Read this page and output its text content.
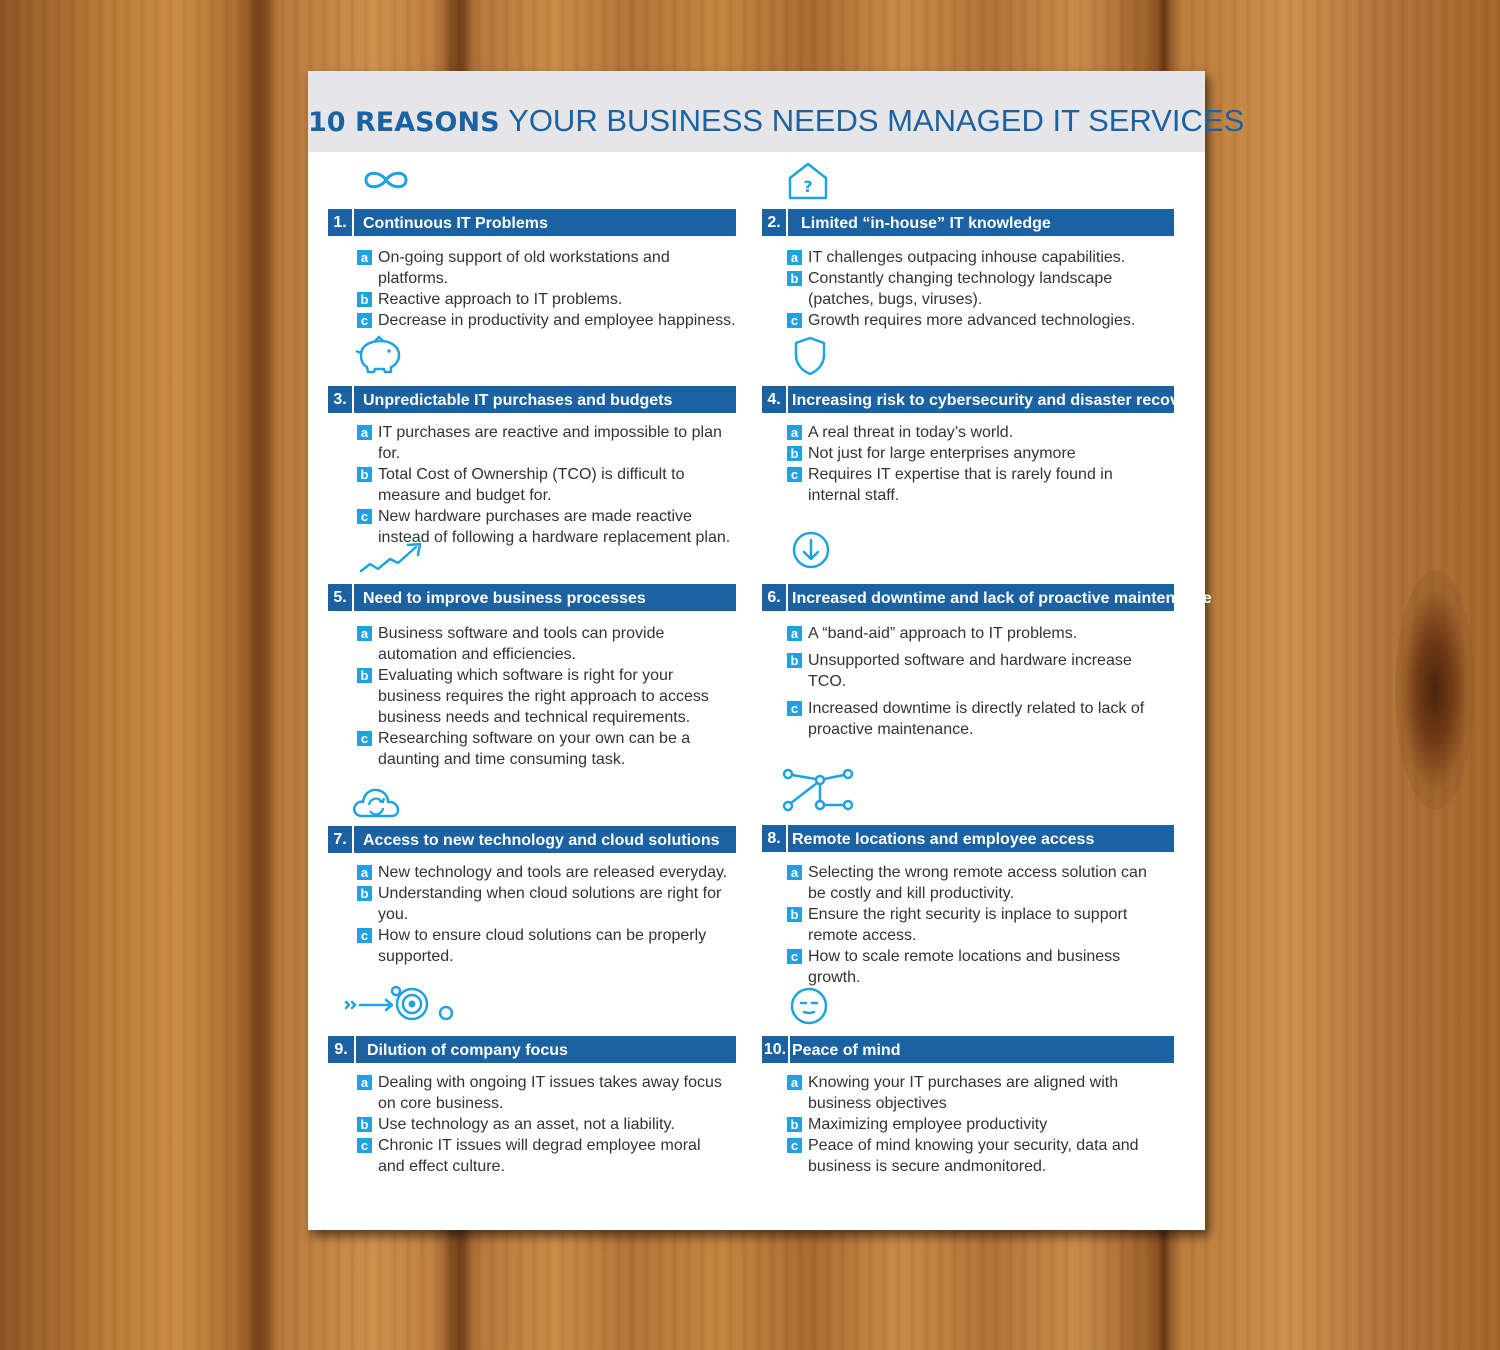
10 REASONS YOUR BUSINESS NEEDS MANAGED IT SERVICES
1.	Continuous IT Problems
a On-going support of old workstations and platforms.
b Reactive approach to IT problems.
c Decrease in productivity and employee happiness.
?
2.	Limited “in-house” IT knowledge
a IT challenges outpacing inhouse capabilities.
b Constantly changing technology landscape (patches, bugs, viruses).
c Growth requires more advanced technologies.
3.	Unpredictable IT purchases and budgets
a IT purchases are reactive and impossible to plan for.
b Total Cost of Ownership (TCO) is difficult to measure and budget for.
c New hardware purchases are made reactive instead of following a hardware replacement plan.
4. Increasing risk to cybersecurity and disaster recovery
a A real threat in today’s world.
b Not just for large enterprises anymore
c Requires IT expertise that is rarely found in internal staff.
5.	Need to improve business processes
a Business software and tools can provide automation and efficiencies.
b Evaluating which software is right for your business requires the right approach to access business needs and technical requirements.
c Researching software on your own can be a daunting and time consuming task.
6. Increased downtime and lack of proactive maintenance
a A “band-aid” approach to IT problems.
b Unsupported software and hardware increase TCO.
c Increased downtime is directly related to lack of proactive maintenance.
7.	Access to new technology and cloud solutions
a New technology and tools are released everyday.
b Understanding when cloud solutions are right for you.
c How to ensure cloud solutions can be properly supported.
8. Remote locations and employee access
a Selecting the wrong remote access solution can be costly and kill productivity.
b Ensure the right security is inplace to support remote access.
c How to scale remote locations and business growth.
9.	Dilution of company focus
a Dealing with ongoing IT issues takes away focus on core business.
b Use technology as an asset, not a liability.
c Chronic IT issues will degrad employee moral and effect culture.
10. Peace of mind
a Knowing your IT purchases are aligned with business objectives
b Maximizing employee productivity
c Peace of mind knowing your security, data and business is secure andmonitored.
